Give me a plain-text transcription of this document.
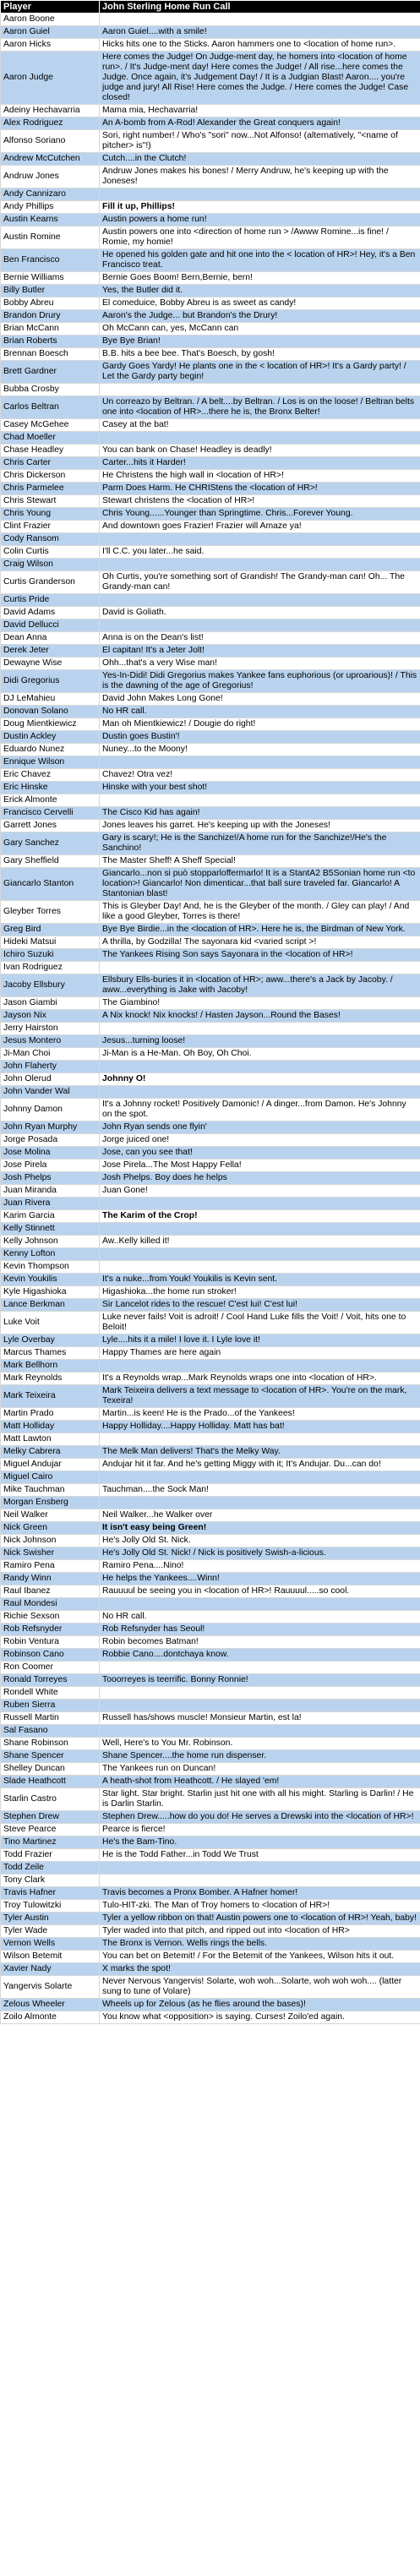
Player	John Sterling Home Run Call
Aaron Boone	
Aaron Guiel	Aaron Guiel....with a smile!
Aaron Hicks	Hicks hits one to the Sticks. Aaron hammers one to <location of home run>.
Aaron Judge	Here comes the Judge! On Judge-ment day, he homers into <location of home run>. / It's Judge-ment day! Here comes the Judge! / All rise...here comes the Judge. Once again, it's Judgement Day! / It is a Judgian Blast! Aaron.... you're judge and jury! All Rise! Here comes the Judge. / Here comes the Judge! Case closed!
Adeiny Hechavarria	Mama mia, Hechavarria!
Alex Rodriguez	An A-bomb from A-Rod! Alexander the Great conquers again!
Alfonso Soriano	Sori, right number! / Who's "sori" now...Not Alfonso! (alternatively, "<name of pitcher> is"!)
Andrew McCutchen	Cutch....in the Clutch!
Andruw Jones	Andruw Jones makes his bones! / Merry Andruw, he's keeping up with the Joneses!
Andy Cannizaro	
Andy Phillips	Fill it up, Phillips!
Austin Kearns	Austin powers a home run!
Austin Romine	Austin powers one into <direction of home run > /Awww Romine...is fine! / Romie, my homie!
Ben Francisco	He opened his golden gate and hit one into the < location of HR>! Hey, it's a Ben Francisco treat.
Bernie Williams	Bernie Goes Boom! Bern,Bernie, bern!
Billy Butler	Yes, the Butler did it.
Bobby Abreu	El comeduice, Bobby Abreu is as sweet as candy!
Brandon Drury	Aaron's the Judge... but Brandon's the Drury!
Brian McCann	Oh McCann can, yes, McCann can
Brian Roberts	Bye Bye Brian!
Brennan Boesch	B.B. hits a bee bee. That's Boesch, by gosh!
Brett Gardner	Gardy Goes Yardy! He plants one in the < location of HR>! It's a Gardy party! / Let the Gardy party begin!
Bubba Crosby	
Carlos Beltran	Un correazo by Beltran. / A belt....by Beltran. / Los is on the loose! / Beltran belts one into <location of HR>...there he is, the Bronx Belter!
Casey McGehee	Casey at the bat!
Chad Moeller	
Chase Headley	You can bank on Chase! Headley is deadly!
Chris Carter	Carter...hits it Harder!
Chris Dickerson	He Christens the high wall in <location of HR>!
Chris Parmelee	Parm Does Harm. He CHRIStens the <location of HR>!
Chris Stewart	Stewart christens the <location of HR>!
Chris Young	Chris Young......Younger than Springtime. Chris...Forever Young.
Clint Frazier	And downtown goes Frazier! Frazier will Amaze ya!
Cody Ransom	
Colin Curtis	I'll C.C. you later...he said.
Craig Wilson	
Curtis Granderson	Oh Curtis, you're something sort of Grandish! The Grandy-man can! Oh... The Grandy-man can!
Curtis Pride	
David Adams	David is Goliath.
David Dellucci	
Dean Anna	Anna is on the Dean's list!
Derek Jeter	El capitan! It's a Jeter Jolt!
Dewayne Wise	Ohh...that's a very Wise man!
Didi Gregorius	Yes-In-Didi! Didi Gregorius makes Yankee fans euphorious (or uproarious)! / This is the dawning of the age of Gregorius!
DJ LeMahieu	David John Makes Long Gone!
Donovan Solano	No HR call.
Doug Mientkiewicz	Man oh Mientkiewicz! / Dougie do right!
Dustin Ackley	Dustin goes Bustin'!
Eduardo Nunez	Nuney...to the Moony!
Ennique Wilson	
Eric Chavez	Chavez! Otra vez!
Eric Hinske	Hinske with your best shot!
Erick Almonte	
Francisco Cervelli	The Cisco Kid has again!
Garrett Jones	Jones leaves his garret. He's keeping up with the Joneses!
Gary Sanchez	Gary is scary!; He is the Sanchize!/A home run for the Sanchize!/He's the Sanchino!
Gary Sheffield	The Master Sheff! A Sheff Special!
Giancarlo Stanton	Giancarlo...non si può stopparloffermarlo! It is a StantA2 B5Sonian home run <to location>! Giancarlo! Non dimenticar...that ball sure traveled far. Giancarlo! A Stantonian blast!
Gleyber Torres	This is Gleyber Day! And, he is the Gleyber of the month. / Gley can play! / And like a good Gleyber, Torres is there!
Greg Bird	Bye Bye Birdie...in the <location of HR>. Here he is, the Birdman of New York.
Hideki Matsui	A thrilla, by Godzilla! The sayonara kid <varied script >!
Ichiro Suzuki	The Yankees Rising Son says Sayonara in the <location of HR>!
Ivan Rodriguez	
Jacoby Ellsbury	Ellsbury Ells-buries it in <location of HR>; aww...there's a Jack by Jacoby. / aww...everything is Jake with Jacoby!
Jason Giambi	The Giambino!
Jayson Nix	A Nix knock! Nix knocks! / Hasten Jayson...Round the Bases!
Jerry Hairston	
Jesus Montero	Jesus...turning loose!
Ji-Man Choi	Ji-Man is a He-Man. Oh Boy, Oh Choi.
John Flaherty	
John Olerud	Johnny O!
John Vander Wal	
Johnny Damon	It's a Johnny rocket! Positively Damonic! / A dinger...from Damon. He's Johnny on the spot.
John Ryan Murphy	John Ryan sends one flyin'
Jorge Posada	Jorge juiced one!
Jose Molina	Jose, can you see that!
Jose Pirela	Jose Pirela...The Most Happy Fella!
Josh Phelps	Josh Phelps. Boy does he helps
Juan Miranda	Juan Gone!
Juan Rivera	
Karim Garcia	The Karim of the Crop!
Kelly Stinnett	
Kelly Johnson	Aw..Kelly killed it!
Kenny Lofton	
Kevin Thompson	
Kevin Youkilis	It's a nuke...from Youk! Youkilis is Kevin sent.
Kyle Higashioka	Higashioka...the home run stroker!
Lance Berkman	Sir Lancelot rides to the rescue! C'est lui! C'est lui!
Luke Voit	Luke never fails! Voit is adroit! / Cool Hand Luke fills the Voit! / Voit, hits one to Beloit!
Lyle Overbay	Lyle....hits it a mile! I love it. I Lyle love it!
Marcus Thames	Happy Thames are here again
Mark Bellhorn	
Mark Reynolds	It's a Reynolds wrap...Mark Reynolds wraps one into <location of HR>.
Mark Teixeira	Mark Teixeira delivers a text message to <location of HR>. You're on the mark, Texeira!
Martin Prado	Martin...is keen! He is the Prado...of the Yankees!
Matt Holliday	Happy Holliday....Happy Holliday. Matt has bat!
Matt Lawton	
Melky Cabrera	The Melk Man delivers! That's the Melky Way.
Miguel Andujar	Andujar hit it far. And he's getting Miggy with it; It's Andujar. Du...can do!
Miguel Cairo	
Mike Tauchman	Tauchman....the Sock Man!
Morgan Ensberg	
Neil Walker	Neil Walker...he Walker over
Nick Green	It isn't easy being Green!
Nick Johnson	He's Jolly Old St. Nick.
Nick Swisher	He's Jolly Old St. Nick! / Nick is positively Swish-a-licious.
Ramiro Pena	Ramiro Pena....Nino!
Randy Winn	He helps the Yankees....Winn!
Raul Ibanez	Rauuuul be seeing you in <location of HR>! Rauuuul.....so cool.
Raul Mondesi	
Richie Sexson	No HR call.
Rob Refsnyder	Rob Refsnyder has Seoul!
Robin Ventura	Robin becomes Batman!
Robinson Cano	Robbie Cano....dontchaya know.
Ron Coomer	
Ronald Torreyes	Tooorreyes is teerrific. Bonny Ronnie!
Rondell White	
Ruben Sierra	
Russell Martin	Russell has/shows muscle! Monsieur Martin, est la!
Sal Fasano	
Shane Robinson	Well, Here's to You Mr. Robinson.
Shane Spencer	Shane Spencer....the home run dispenser.
Shelley Duncan	The Yankees run on Duncan!
Slade Heathcott	A heath-shot from Heathcott. / He slayed 'em!
Starlin Castro	Star light. Star bright. Starlin just hit one with all his might. Starling is Darlin! / He is Darlin Starlin.
Stephen Drew	Stephen Drew.....how do you do! He serves a Drewski into the <location of HR>!
Steve Pearce	Pearce is fierce!
Tino Martinez	He's the Bam-Tino.
Todd Frazier	He is the Todd Father...in Todd We Trust
Todd Zeile	
Tony Clark	
Travis Hafner	Travis becomes a Pronx Bomber. A Hafner homer!
Troy Tulowitzki	Tulo-HIT-zki. The Man of Troy homers to <location of HR>!
Tyler Austin	Tyler a yellow ribbon on that! Austin powers one to <location of HR>! Yeah, baby!
Tyler Wade	Tyler waded into that pitch, and ripped out into <location of HR>
Vernon Wells	The Bronx is Vernon. Wells rings the bells.
Wilson Betemit	You can bet on Betemit! / For the Betemit of the Yankees, Wilson hits it out.
Xavier Nady	X marks the spot!
Yangervis Solarte	Never Nervous Yangervis! Solarte, woh woh...Solarte, woh woh woh.... (latter sung to tune of Volare)
Zelous Wheeler	Wheels up for Zelous (as he flies around the bases)!
Zoilo Almonte	You know what <opposition> is saying. Curses! Zoilo'ed again.
